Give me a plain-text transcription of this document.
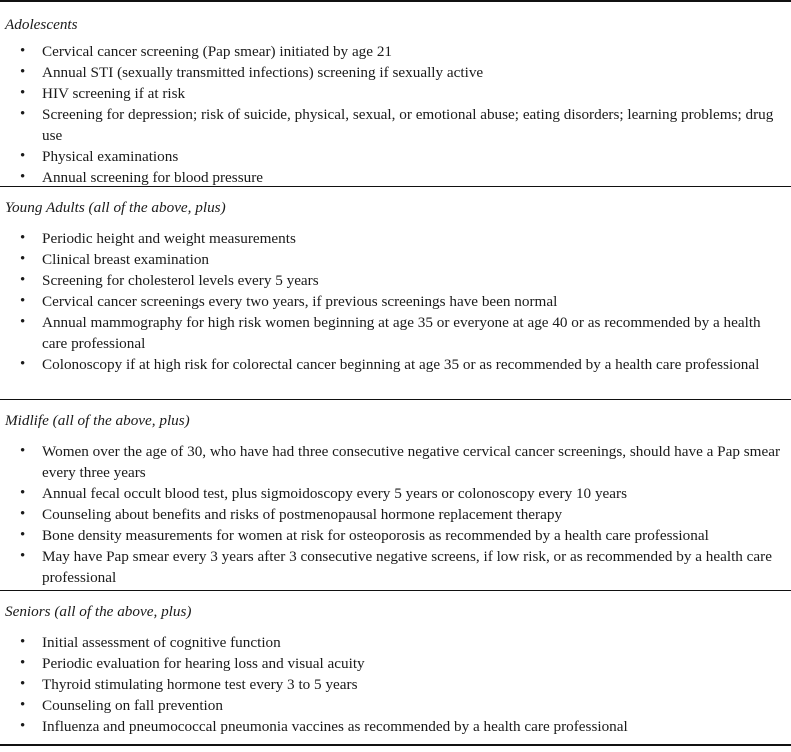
Adolescents

• Cervical cancer screening (Pap smear) initiated by age 21
• Annual STI (sexually transmitted infections) screening if sexually active
• HIV screening if at risk
• Screening for depression; risk of suicide, physical, sexual, or emotional abuse; eating disorders; learning problems; drug use
• Physical examinations
• Annual screening for blood pressure

Young Adults (all of the above, plus)

• Periodic height and weight measurements
• Clinical breast examination
• Screening for cholesterol levels every 5 years
• Cervical cancer screenings every two years, if previous screenings have been normal
• Annual mammography for high risk women beginning at age 35 or everyone at age 40 or as recommended by a health care professional
• Colonoscopy if at high risk for colorectal cancer beginning at age 35 or as recommended by a health care professional

Midlife (all of the above, plus)

• Women over the age of 30, who have had three consecutive negative cervical cancer screenings, should have a Pap smear every three years
• Annual fecal occult blood test, plus sigmoidoscopy every 5 years or colonoscopy every 10 years
• Counseling about benefits and risks of postmenopausal hormone replacement therapy
• Bone density measurements for women at risk for osteoporosis as recommended by a health care professional
• May have Pap smear every 3 years after 3 consecutive negative screens, if low risk, or as recommended by a health care professional

Seniors (all of the above, plus)

• Initial assessment of cognitive function
• Periodic evaluation for hearing loss and visual acuity
• Thyroid stimulating hormone test every 3 to 5 years
• Counseling on fall prevention
• Influenza and pneumococcal pneumonia vaccines as recommended by a health care professional
